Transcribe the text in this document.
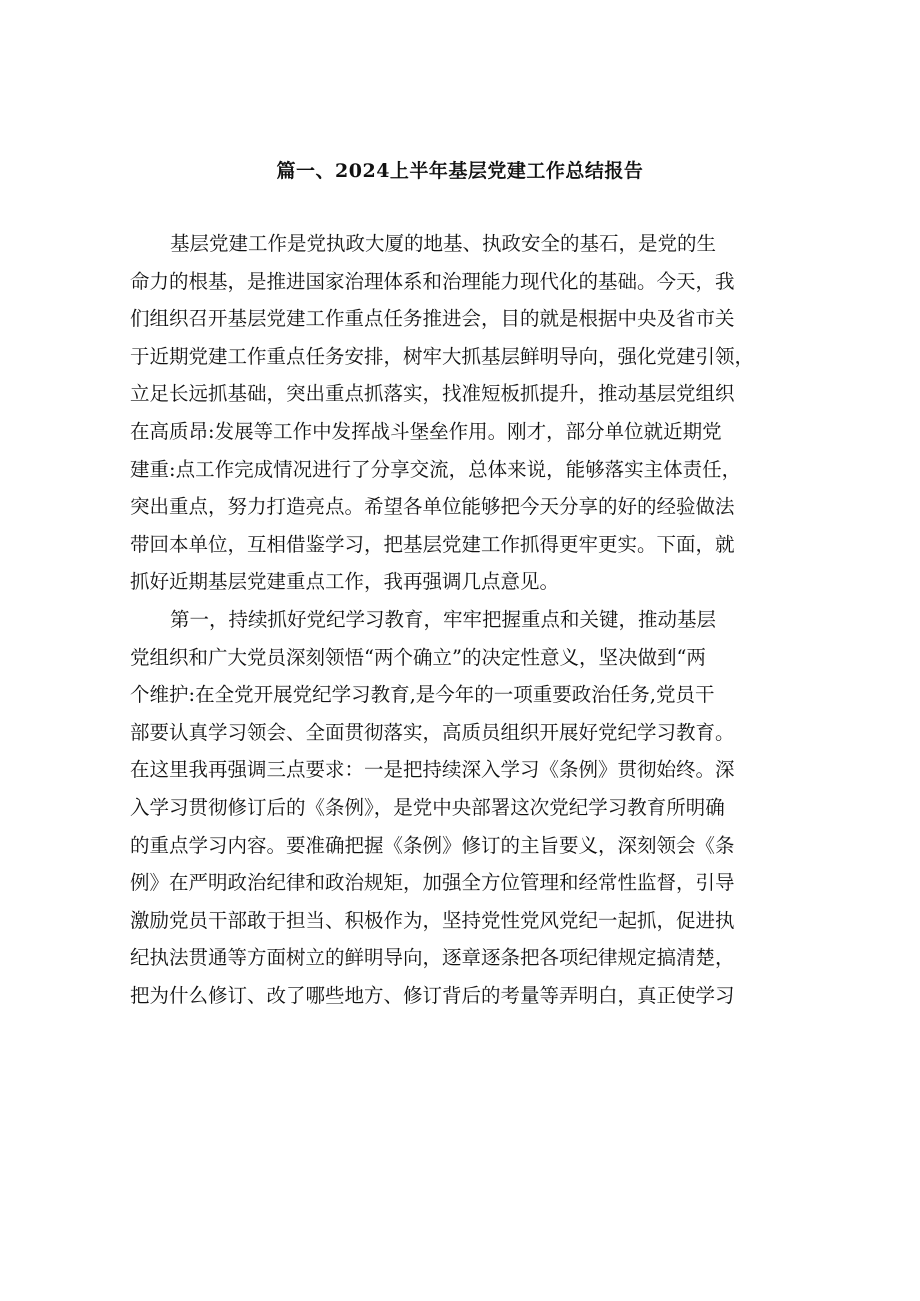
篇一、2024上半年基层党建工作总结报告
基层党建工作是党执政大厦的地基、执政安全的基石，是党的生
命力的根基，是推进国家治理体系和治理能力现代化的基础。今天，我
们组织召开基层党建工作重点任务推进会，目的就是根据中央及省市关
于近期党建工作重点任务安排，树牢大抓基层鲜明导向，强化党建引领，
立足长远抓基础，突出重点抓落实，找准短板抓提升，推动基层党组织
在高质昂:发展等工作中发挥战斗堡垒作用。刚才，部分单位就近期党
建重:点工作完成情况进行了分享交流，总体来说，能够落实主体责任，
突出重点，努力打造亮点。希望各单位能够把今天分享的好的经验做法
带回本单位，互相借鉴学习，把基层党建工作抓得更牢更实。下面，就
抓好近期基层党建重点工作，我再强调几点意见。
第一，持续抓好党纪学习教育，牢牢把握重点和关键，推动基层
党组织和广大党员深刻领悟“两个确立”的决定性意义，坚决做到“两
个维护:在全党开展党纪学习教育,是今年的一项重要政治任务,党员干
部要认真学习领会、全面贯彻落实，高质员组织开展好党纪学习教育。
在这里我再强调三点要求：一是把持续深入学习《条例》贯彻始终。深
入学习贯彻修订后的《条例》，是党中央部署这次党纪学习教育所明确
的重点学习内容。要准确把握《条例》修订的主旨要义，深刻领会《条
例》在严明政治纪律和政治规矩，加强全方位管理和经常性监督，引导
激励党员干部敢于担当、积极作为，坚持党性党风党纪一起抓，促进执
纪执法贯通等方面树立的鲜明导向，逐章逐条把各项纪律规定搞清楚，
把为什么修订、改了哪些地方、修订背后的考量等弄明白，真正使学习
